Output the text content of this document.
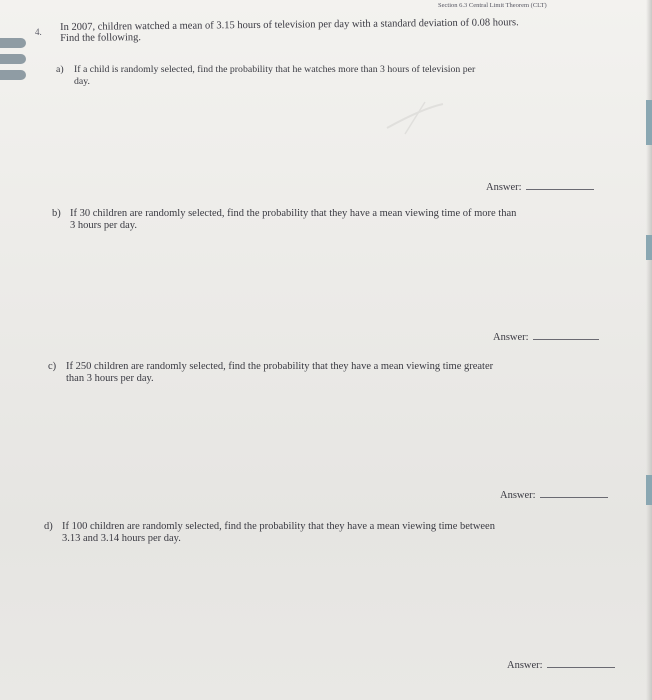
Section 6.3 Central Limit Theorem (CLT)
4. In 2007, children watched a mean of 3.15 hours of television per day with a standard deviation of 0.08 hours.
Find the following.
a) If a child is randomly selected, find the probability that he watches more than 3 hours of television per
day.
Answer:
b) If 30 children are randomly selected, find the probability that they have a mean viewing time of more than
3 hours per day.
Answer:
c) If 250 children are randomly selected, find the probability that they have a mean viewing time greater
than 3 hours per day.
Answer:
d) If 100 children are randomly selected, find the probability that they have a mean viewing time between
3.13 and 3.14 hours per day.
Answer:
